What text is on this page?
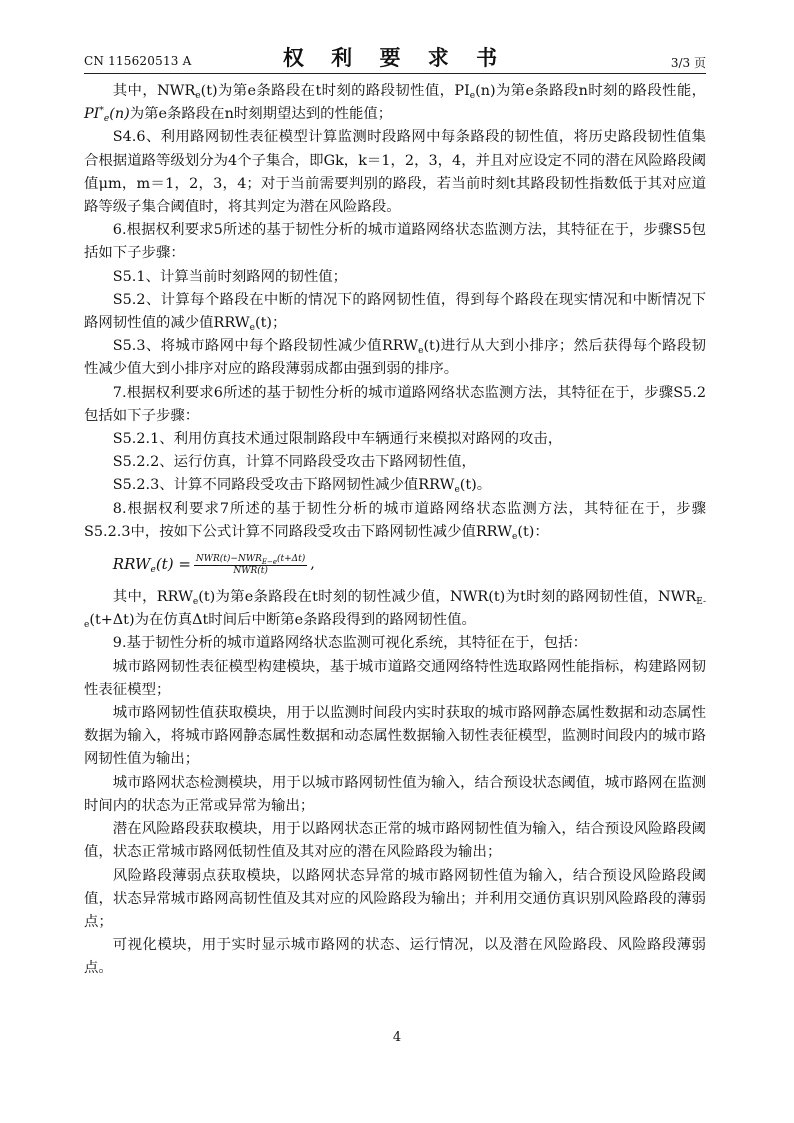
CN 115620513 A	权 利 要 求 书	3/3 页

其中，$NWR_e(t)$为第e条路段在t时刻的路段韧性值，$PI_e(n)$为第e条路段n时刻的路段性能，$PI^*_e(n)$为第e条路段在n时刻期望达到的性能值；

S4.6、利用路网韧性表征模型计算监测时段路网中每条路段的韧性值，将历史路段韧性值集合根据道路等级划分为4个子集合，即Gk，k＝1，2，3，4，并且对应设定不同的潜在风险路段阈值μm，m＝1，2，3，4；对于当前需要判别的路段，若当前时刻t其路段韧性指数低于其对应道路等级子集合阈值时，将其判定为潜在风险路段。

6.根据权利要求5所述的基于韧性分析的城市道路网络状态监测方法，其特征在于，步骤S5包括如下子步骤：

S5.1、计算当前时刻路网的韧性值；

S5.2、计算每个路段在中断的情况下的路网韧性值，得到每个路段在现实情况和中断情况下路网韧性值的减少值$RRW_e(t)$；

S5.3、将城市路网中每个路段韧性减少值$RRW_e(t)$进行从大到小排序；然后获得每个路段韧性减少值大到小排序对应的路段薄弱成都由强到弱的排序。

7.根据权利要求6所述的基于韧性分析的城市道路网络状态监测方法，其特征在于，步骤S5.2包括如下子步骤：

S5.2.1、利用仿真技术通过限制路段中车辆通行来模拟对路网的攻击，

S5.2.2、运行仿真，计算不同路段受攻击下路网韧性值，

S5.2.3、计算不同路段受攻击下路网韧性减少值$RRW_e(t)$。

8.根据权利要求7所述的基于韧性分析的城市道路网络状态监测方法，其特征在于，步骤S5.2.3中，按如下公式计算不同路段受攻击下路网韧性减少值$RRW_e(t)$：

$RRW_e(t) = \frac{NWR(t)-NWR_{E-e}(t+\Delta t)}{\text{NWR(t)}}$ ,

其中，$RRW_e(t)$为第e条路段在t时刻的韧性减少值，NWR(t)为t时刻的路网韧性值，$NWR_{E-e}(t+\Delta t)$为在仿真Δt时间后中断第e条路段得到的路网韧性值。

9.基于韧性分析的城市道路网络状态监测可视化系统，其特征在于，包括：

城市路网韧性表征模型构建模块，基于城市道路交通网络特性选取路网性能指标，构建路网韧性表征模型；

城市路网韧性值获取模块，用于以监测时间段内实时获取的城市路网静态属性数据和动态属性数据为输入，将城市路网静态属性数据和动态属性数据输入韧性表征模型，监测时间段内的城市路网韧性值为输出；

城市路网状态检测模块，用于以城市路网韧性值为输入，结合预设状态阈值，城市路网在监测时间内的状态为正常或异常为输出；

潜在风险路段获取模块，用于以路网状态正常的城市路网韧性值为输入，结合预设风险路段阈值，状态正常城市路网低韧性值及其对应的潜在风险路段为输出；

风险路段薄弱点获取模块，以路网状态异常的城市路网韧性值为输入，结合预设风险路段阈值，状态异常城市路网高韧性值及其对应的风险路段为输出；并利用交通仿真识别风险路段的薄弱点；

可视化模块，用于实时显示城市路网的状态、运行情况，以及潜在风险路段、风险路段薄弱点。

4
